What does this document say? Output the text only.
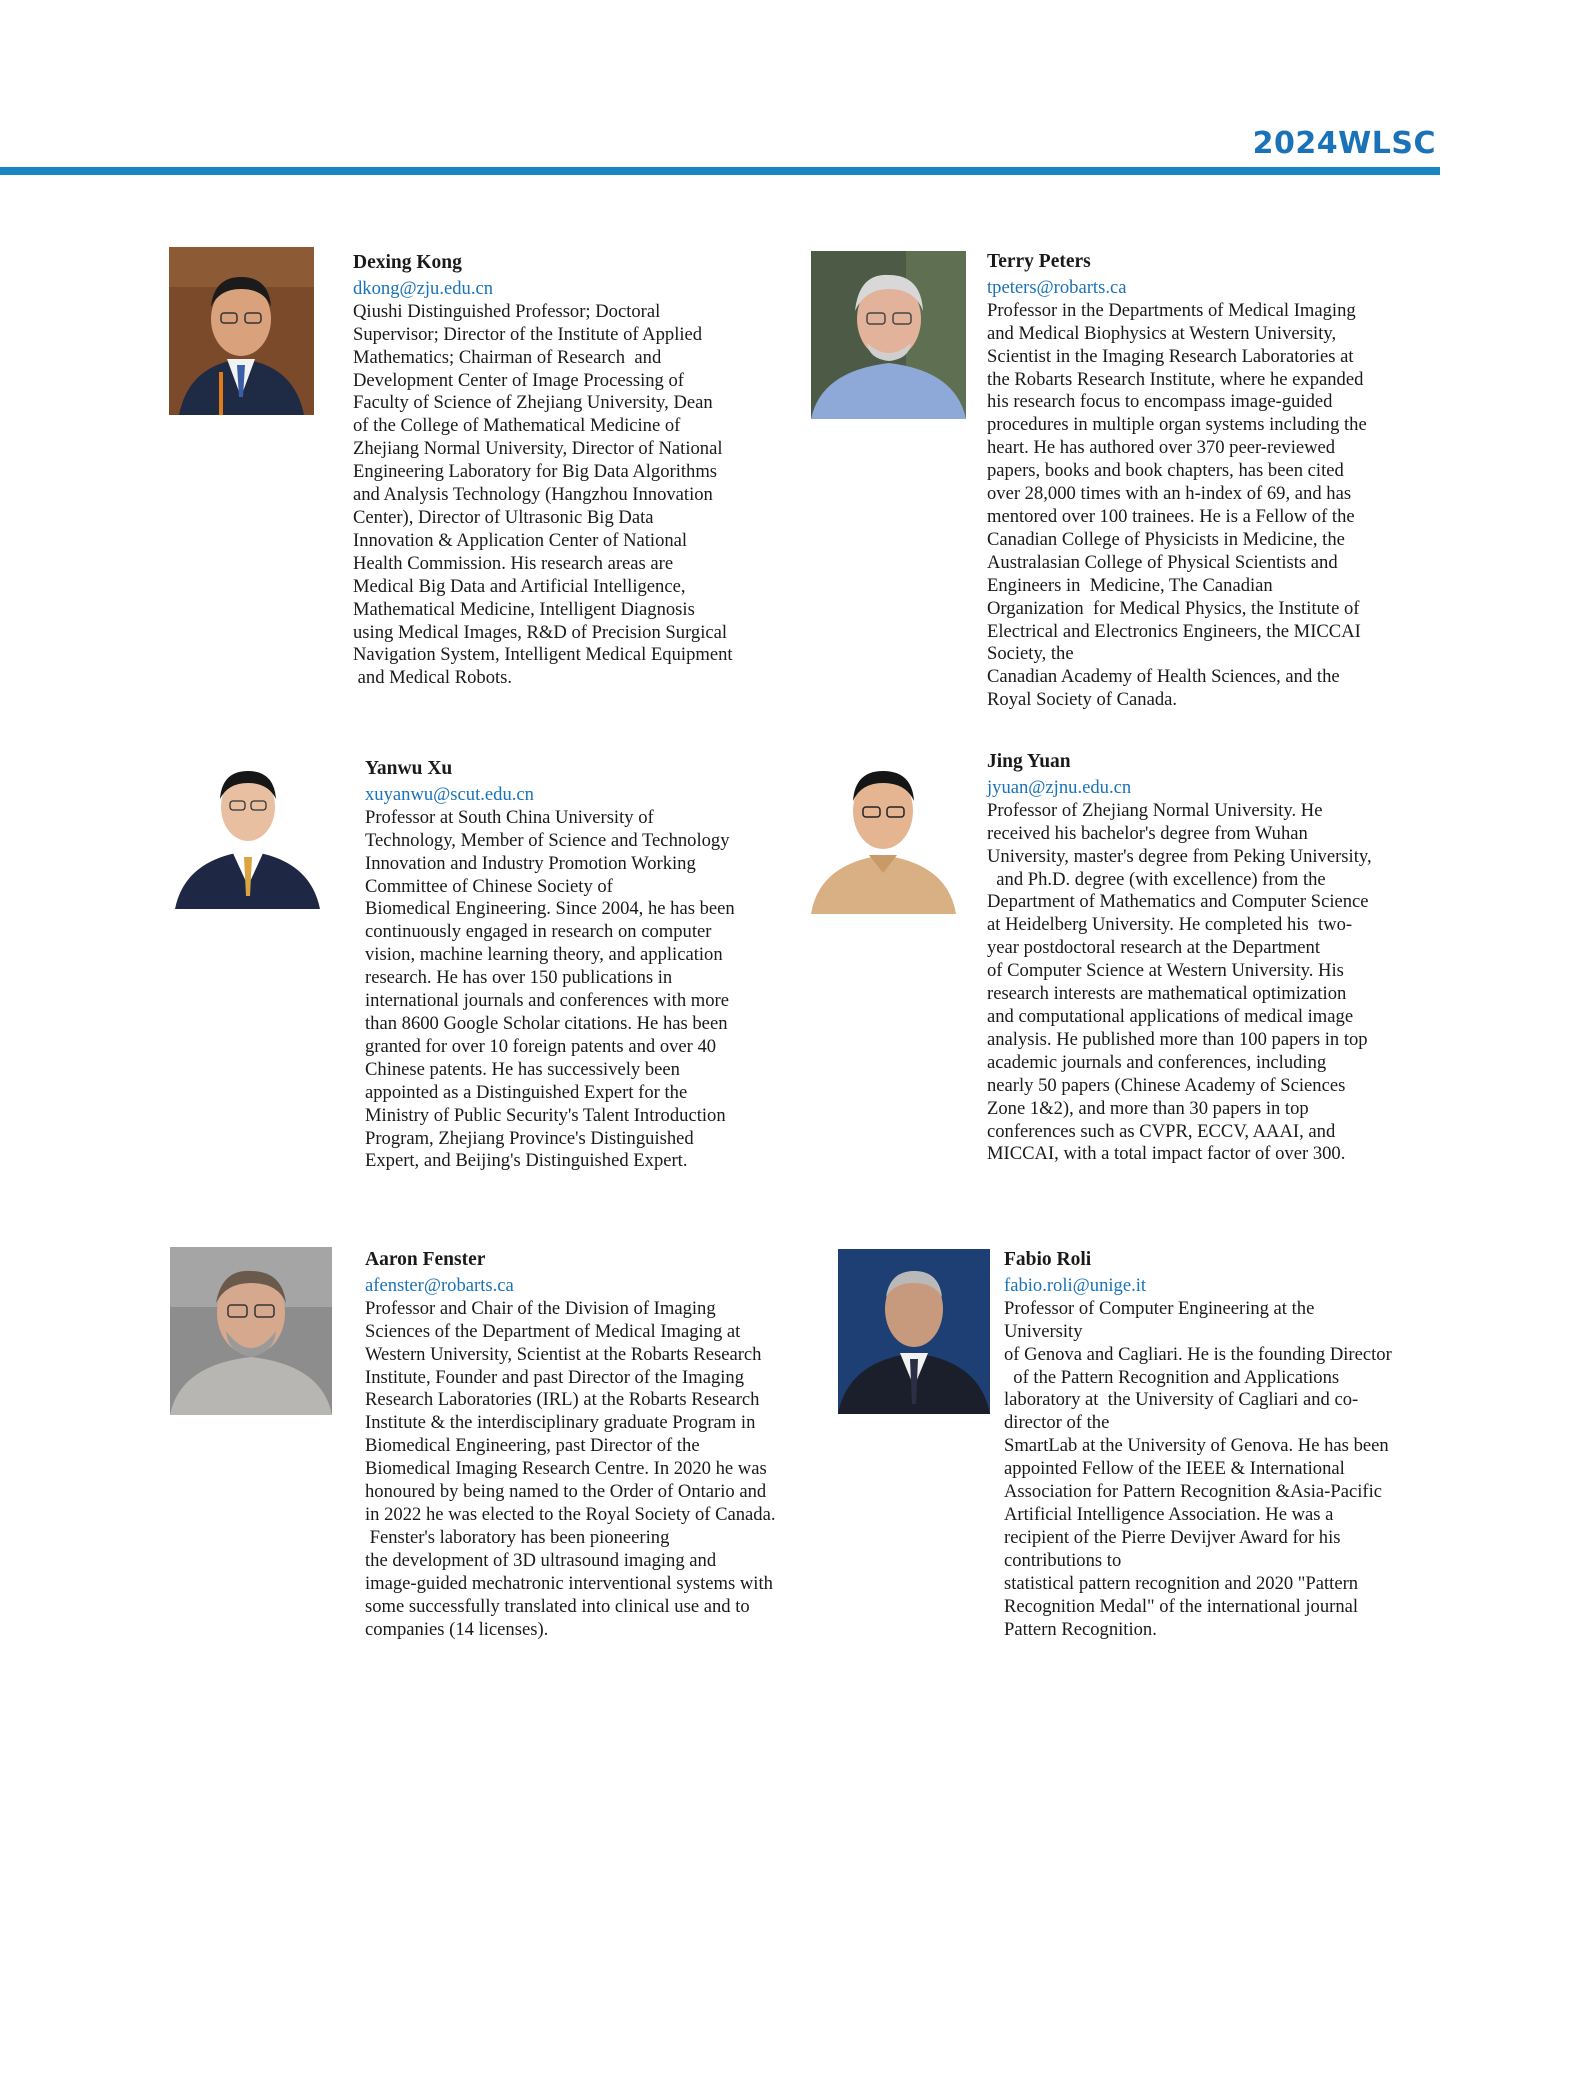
2024WLSC
Dexing Kong
dkong@zju.edu.cn
Qiushi Distinguished Professor; Doctoral
Supervisor; Director of the Institute of Applied
Mathematics; Chairman of Research  and
Development Center of Image Processing of
Faculty of Science of Zhejiang University, Dean
of the College of Mathematical Medicine of
Zhejiang Normal University, Director of National
Engineering Laboratory for Big Data Algorithms
and Analysis Technology (Hangzhou Innovation
Center), Director of Ultrasonic Big Data
Innovation & Application Center of National
Health Commission. His research areas are
Medical Big Data and Artificial Intelligence,
Mathematical Medicine, Intelligent Diagnosis
using Medical Images, R&D of Precision Surgical
Navigation System, Intelligent Medical Equipment
and Medical Robots.
Terry Peters
tpeters@robarts.ca
Professor in the Departments of Medical Imaging
and Medical Biophysics at Western University,
Scientist in the Imaging Research Laboratories at
the Robarts Research Institute, where he expanded
his research focus to encompass image-guided
procedures in multiple organ systems including the
heart. He has authored over 370 peer-reviewed
papers, books and book chapters, has been cited
over 28,000 times with an h-index of 69, and has
mentored over 100 trainees. He is a Fellow of the
Canadian College of Physicists in Medicine, the
Australasian College of Physical Scientists and
Engineers in  Medicine, The Canadian
Organization  for Medical Physics, the Institute of
Electrical and Electronics Engineers, the MICCAI
Society, the
Canadian Academy of Health Sciences, and the
Royal Society of Canada.
Yanwu Xu
xuyanwu@scut.edu.cn
Professor at South China University of
Technology, Member of Science and Technology
Innovation and Industry Promotion Working
Committee of Chinese Society of
Biomedical Engineering. Since 2004, he has been
continuously engaged in research on computer
vision, machine learning theory, and application
research. He has over 150 publications in
international journals and conferences with more
than 8600 Google Scholar citations. He has been
granted for over 10 foreign patents and over 40
Chinese patents. He has successively been
appointed as a Distinguished Expert for the
Ministry of Public Security's Talent Introduction
Program, Zhejiang Province's Distinguished
Expert, and Beijing's Distinguished Expert.
Jing Yuan
jyuan@zjnu.edu.cn
Professor of Zhejiang Normal University. He
received his bachelor's degree from Wuhan
University, master's degree from Peking University,
and Ph.D. degree (with excellence) from the
Department of Mathematics and Computer Science
at Heidelberg University. He completed his  two-
year postdoctoral research at the Department
of Computer Science at Western University. His
research interests are mathematical optimization
and computational applications of medical image
analysis. He published more than 100 papers in top
academic journals and conferences, including
nearly 50 papers (Chinese Academy of Sciences
Zone 1&2), and more than 30 papers in top
conferences such as CVPR, ECCV, AAAI, and
MICCAI, with a total impact factor of over 300.
Aaron Fenster
afenster@robarts.ca
Professor and Chair of the Division of Imaging
Sciences of the Department of Medical Imaging at
Western University, Scientist at the Robarts Research
Institute, Founder and past Director of the Imaging
Research Laboratories (IRL) at the Robarts Research
Institute & the interdisciplinary graduate Program in
Biomedical Engineering, past Director of the
Biomedical Imaging Research Centre. In 2020 he was
honoured by being named to the Order of Ontario and
in 2022 he was elected to the Royal Society of Canada.
Fenster's laboratory has been pioneering
the development of 3D ultrasound imaging and
image-guided mechatronic interventional systems with
some successfully translated into clinical use and to
companies (14 licenses).
Fabio Roli
fabio.roli@unige.it
Professor of Computer Engineering at the
University
of Genova and Cagliari. He is the founding Director
of the Pattern Recognition and Applications
laboratory at  the University of Cagliari and co-
director of the
SmartLab at the University of Genova. He has been
appointed Fellow of the IEEE & International
Association for Pattern Recognition &Asia-Pacific
Artificial Intelligence Association. He was a
recipient of the Pierre Devijver Award for his
contributions to
statistical pattern recognition and 2020 "Pattern
Recognition Medal" of the international journal
Pattern Recognition.
